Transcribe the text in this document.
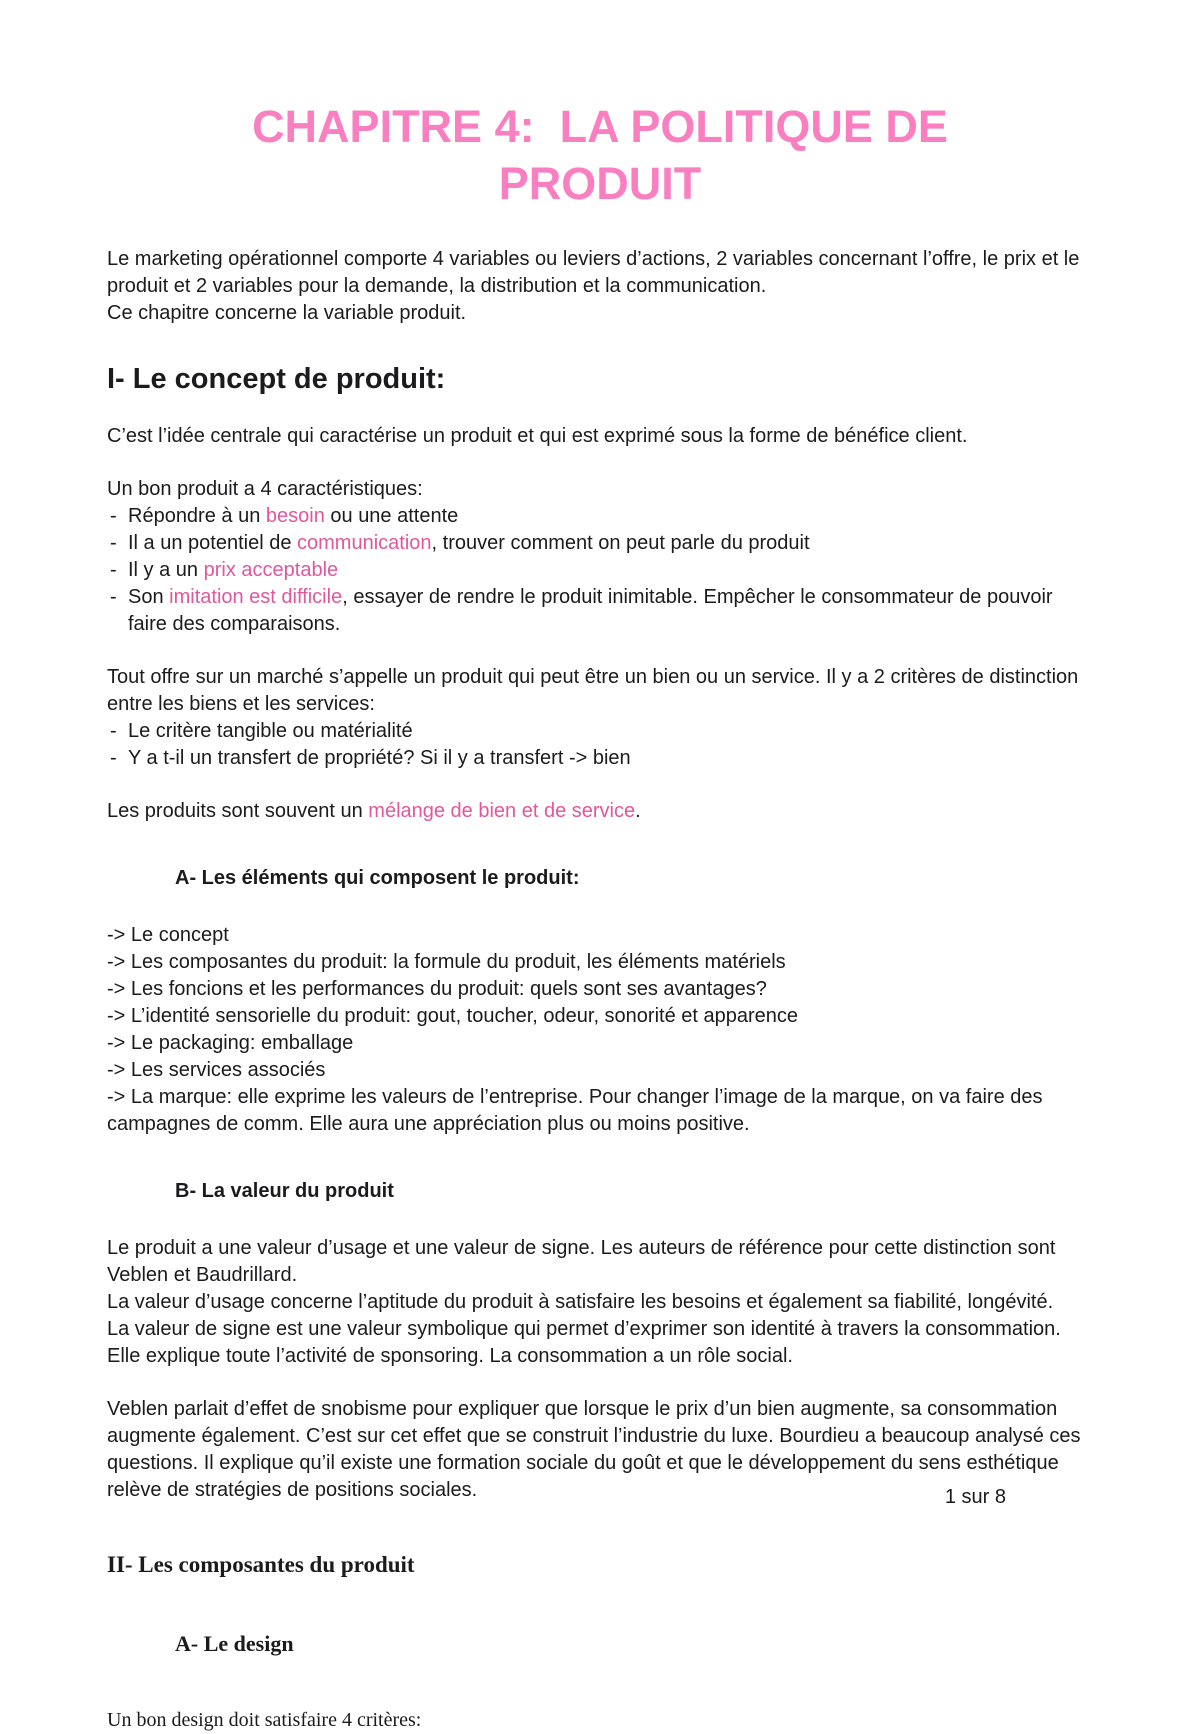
CHAPITRE 4:  LA POLITIQUE DE
PRODUIT
Le marketing opérationnel comporte 4 variables ou leviers d’actions, 2 variables concernant l’offre, le prix et le produit et 2 variables pour la demande, la distribution et la communication.
Ce chapitre concerne la variable produit.
I- Le concept de produit:
C’est l’idée centrale qui caractérise un produit et qui est exprimé sous la forme de bénéfice client.
Un bon produit a 4 caractéristiques:
- Répondre à un besoin ou une attente
- Il a un potentiel de communication, trouver comment on peut parle du produit
- Il y a un prix acceptable
- Son imitation est difficile, essayer de rendre le produit inimitable. Empêcher le consommateur de pouvoir faire des comparaisons.
Tout offre sur un marché s’appelle un produit qui peut être un bien ou un service. Il y a 2 critères de distinction entre les biens et les services:
- Le critère tangible ou matérialité
- Y a t-il un transfert de propriété? Si il y a transfert -> bien
Les produits sont souvent un mélange de bien et de service.
A- Les éléments qui composent le produit:
-> Le concept
-> Les composantes du produit: la formule du produit, les éléments matériels
-> Les foncions et les performances du produit: quels sont ses avantages?
-> L’identité sensorielle du produit: gout, toucher, odeur, sonorité et apparence
-> Le packaging: emballage
-> Les services associés
-> La marque: elle exprime les valeurs de l’entreprise. Pour changer l’image de la marque, on va faire des campagnes de comm. Elle aura une appréciation plus ou moins positive.
B- La valeur du produit
Le produit a une valeur d’usage et une valeur de signe. Les auteurs de référence pour cette distinction sont Veblen et Baudrillard.
La valeur d’usage concerne l’aptitude du produit à satisfaire les besoins et également sa fiabilité, longévité.
La valeur de signe est une valeur symbolique qui permet d’exprimer son identité à travers la consommation. Elle explique toute l’activité de sponsoring. La consommation a un rôle social.
Veblen parlait d’effet de snobisme pour expliquer que lorsque le prix d’un bien augmente, sa consommation augmente également. C’est sur cet effet que se construit l’industrie du luxe. Bourdieu a beaucoup analysé ces questions. Il explique qu’il existe une formation sociale du goût et que le développement du sens esthétique relève de stratégies de positions sociales.
II- Les composantes du produit
A- Le design
Un bon design doit satisfaire 4 critères:
1 sur 8
